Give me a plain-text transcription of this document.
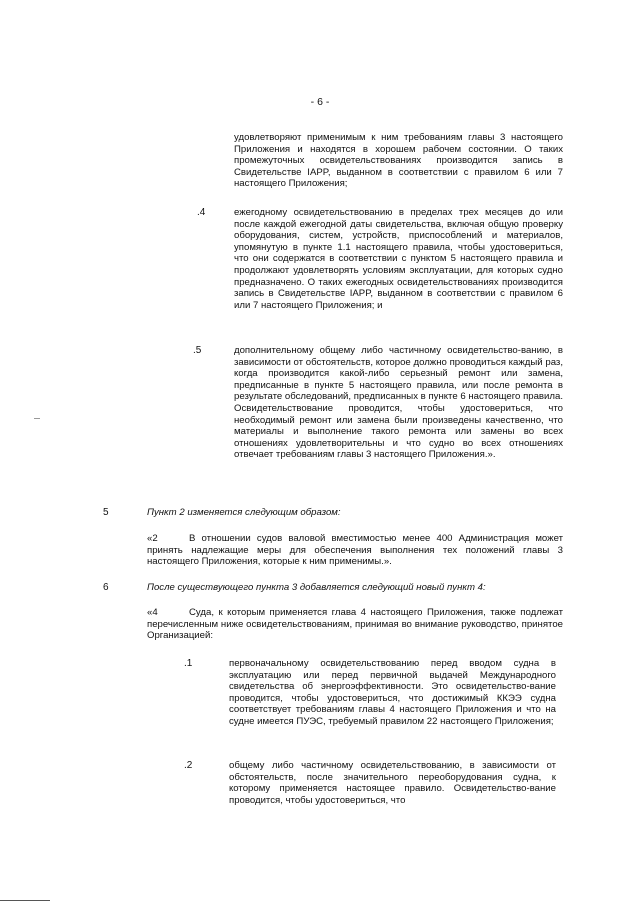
- 6 -
удовлетворяют применимым к ним требованиям главы 3 настоящего Приложения и находятся в хорошем рабочем состоянии. О таких промежуточных освидетельствованиях производится запись в Свидетельстве IAPP, выданном в соответствии с правилом 6 или 7 настоящего Приложения;
.4	ежегодному освидетельствованию в пределах трех месяцев до или после каждой ежегодной даты свидетельства, включая общую проверку оборудования, систем, устройств, приспособлений и материалов, упомянутую в пункте 1.1 настоящего правила, чтобы удостовериться, что они содержатся в соответствии с пунктом 5 настоящего правила и продолжают удовлетворять условиям эксплуатации, для которых судно предназначено. О таких ежегодных освидетельствованиях производится запись в Свидетельстве IAPP, выданном в соответствии с правилом 6 или 7 настоящего Приложения; и
.5	дополнительному общему либо частичному освидетельство-ванию, в зависимости от обстоятельств, которое должно проводиться каждый раз, когда производится какой-либо серьезный ремонт или замена, предписанные в пункте 5 настоящего правила, или после ремонта в результате обследований, предписанных в пункте 6 настоящего правила. Освидетельствование проводится, чтобы удостовериться, что необходимый ремонт или замена были произведены качественно, что материалы и выполнение такого ремонта или замены во всех отношениях удовлетворительны и что судно во всех отношениях отвечает требованиям главы 3 настоящего Приложения.».
5	Пункт 2 изменяется следующим образом:
«2	В отношении судов валовой вместимостью менее 400 Администрация может принять надлежащие меры для обеспечения выполнения тех положений главы 3 настоящего Приложения, которые к ним применимы.».
6	После существующего пункта 3 добавляется следующий новый пункт 4:
«4	Суда, к которым применяется глава 4 настоящего Приложения, также подлежат перечисленным ниже освидетельствованиям, принимая во внимание руководство, принятое Организацией:
.1	первоначальному освидетельствованию перед вводом судна в эксплуатацию или перед первичной выдачей Международного свидетельства об энергоэффективности. Это освидетельство-вание проводится, чтобы удостовериться, что достижимый ККЭЭ судна соответствует требованиям главы 4 настоящего Приложения и что на судне имеется ПУЭС, требуемый правилом 22 настоящего Приложения;
.2	общему либо частичному освидетельствованию, в зависимости от обстоятельств, после значительного переоборудования судна, к которому применяется настоящее правило. Освидетельство-вание проводится, чтобы удостовериться, что
